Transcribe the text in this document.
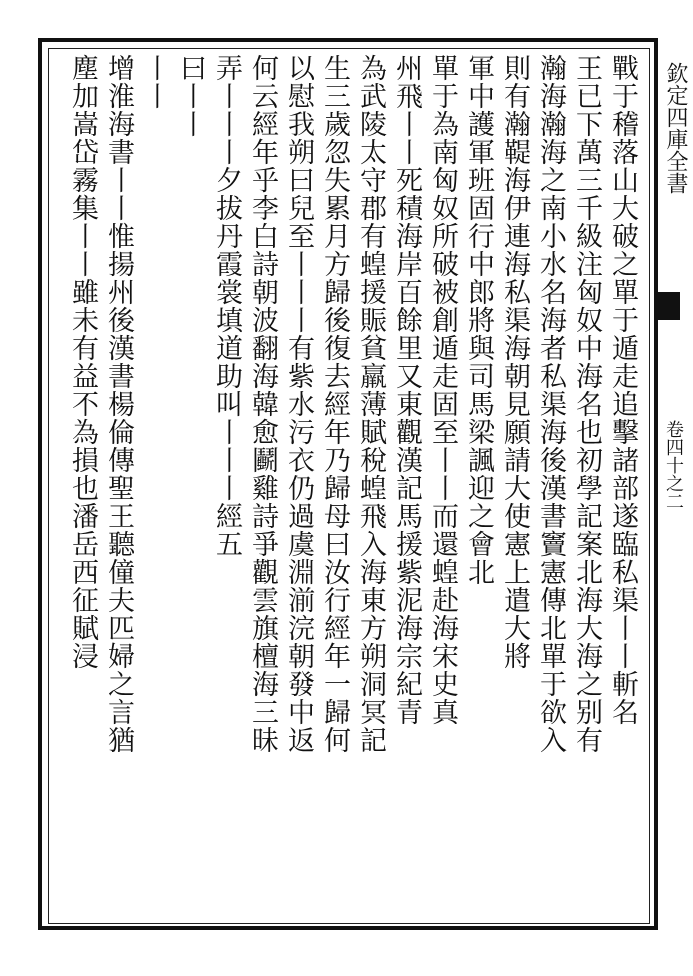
欽定四庫全書
卷四十之二
戰于稽落山大破之單于遁走追擊諸部遂臨私渠丨丨斬名
王已下萬三千級注匈奴中海名也初學記案北海大海之别有
瀚海瀚海之南小水名海者私渠海後漢書竇憲傳北單于欲入
則有瀚鞮海伊連海私渠海朝見願請大使憲上遣大將
軍中護軍班固行中郎將與司馬梁諷迎之會北
單于為南匈奴所破被創遁走固至丨丨而還蝗赴海宋史真
州飛丨丨死積海岸百餘里又東觀漢記馬援紫泥海宗紀青
為武陵太守郡有蝗援賑貧羸薄賦稅蝗飛入海東方朔洞冥記
生三歲忽失累月方歸後復去經年乃歸母曰汝行經年一歸何
以慰我朔曰兒至丨丨丨有紫水污衣仍過虞淵湔浣朝發中返
何云經年乎李白詩朝波翻海韓愈鬬雞詩爭觀雲旗檀海三昧
弄丨丨丨夕拔丹霞裳填道助叫丨丨丨經五
曰丨丨
丨丨
增淮海書丨丨惟揚州後漢書楊倫傳聖王聽僮夫匹婦之言猶
塵加嵩岱霧集丨丨雖未有益不為損也潘岳西征賦浸
